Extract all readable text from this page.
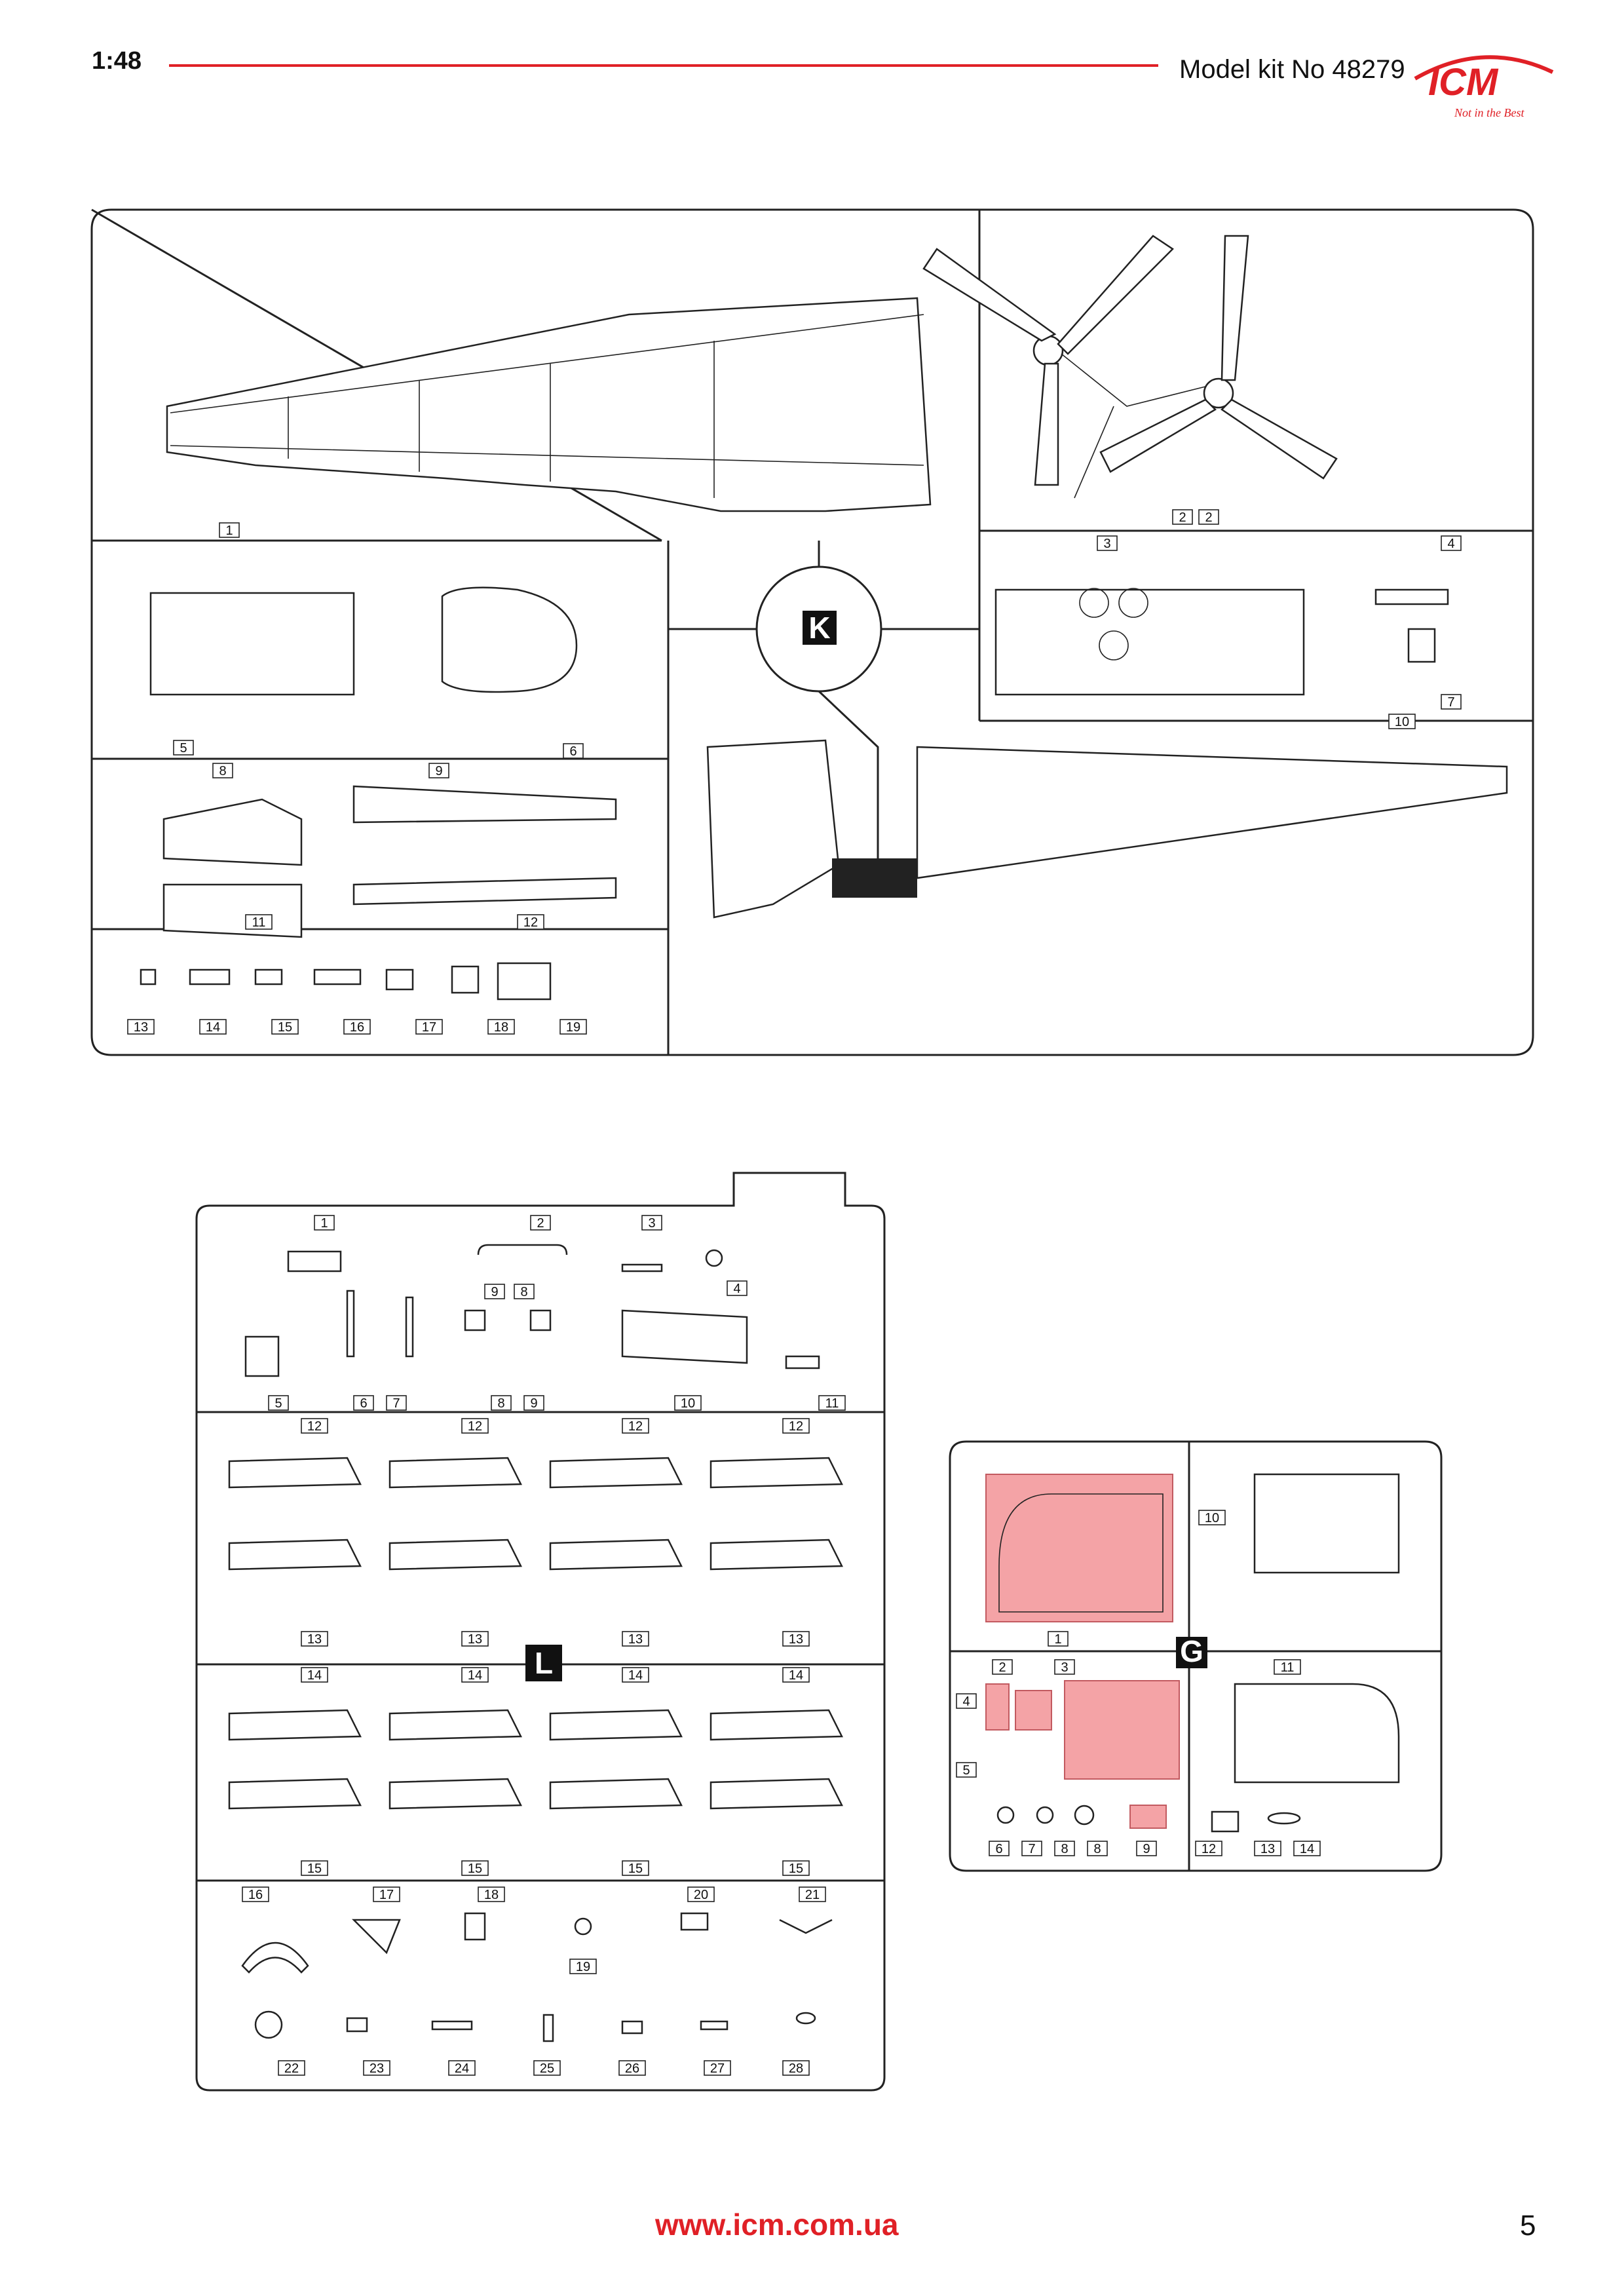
1:48	Model kit No 48279 ICM
Not in the Best
K
1
2 2
3	4
5	6
7
8	9
10
11	12
13	14	15	16	17	18	19
L
1	2	3
4
5	6 7	8 9
9 8
10	11
12	12	12	12
13	13	13	13
14	14	14	14
15	15	15	15
16	17	18
19
20	21
22	23	24	25	26	27	28
G
1
2	3
4
5
6 7 8 8	9
10
11
12	13 14
www.icm.com.ua	5
